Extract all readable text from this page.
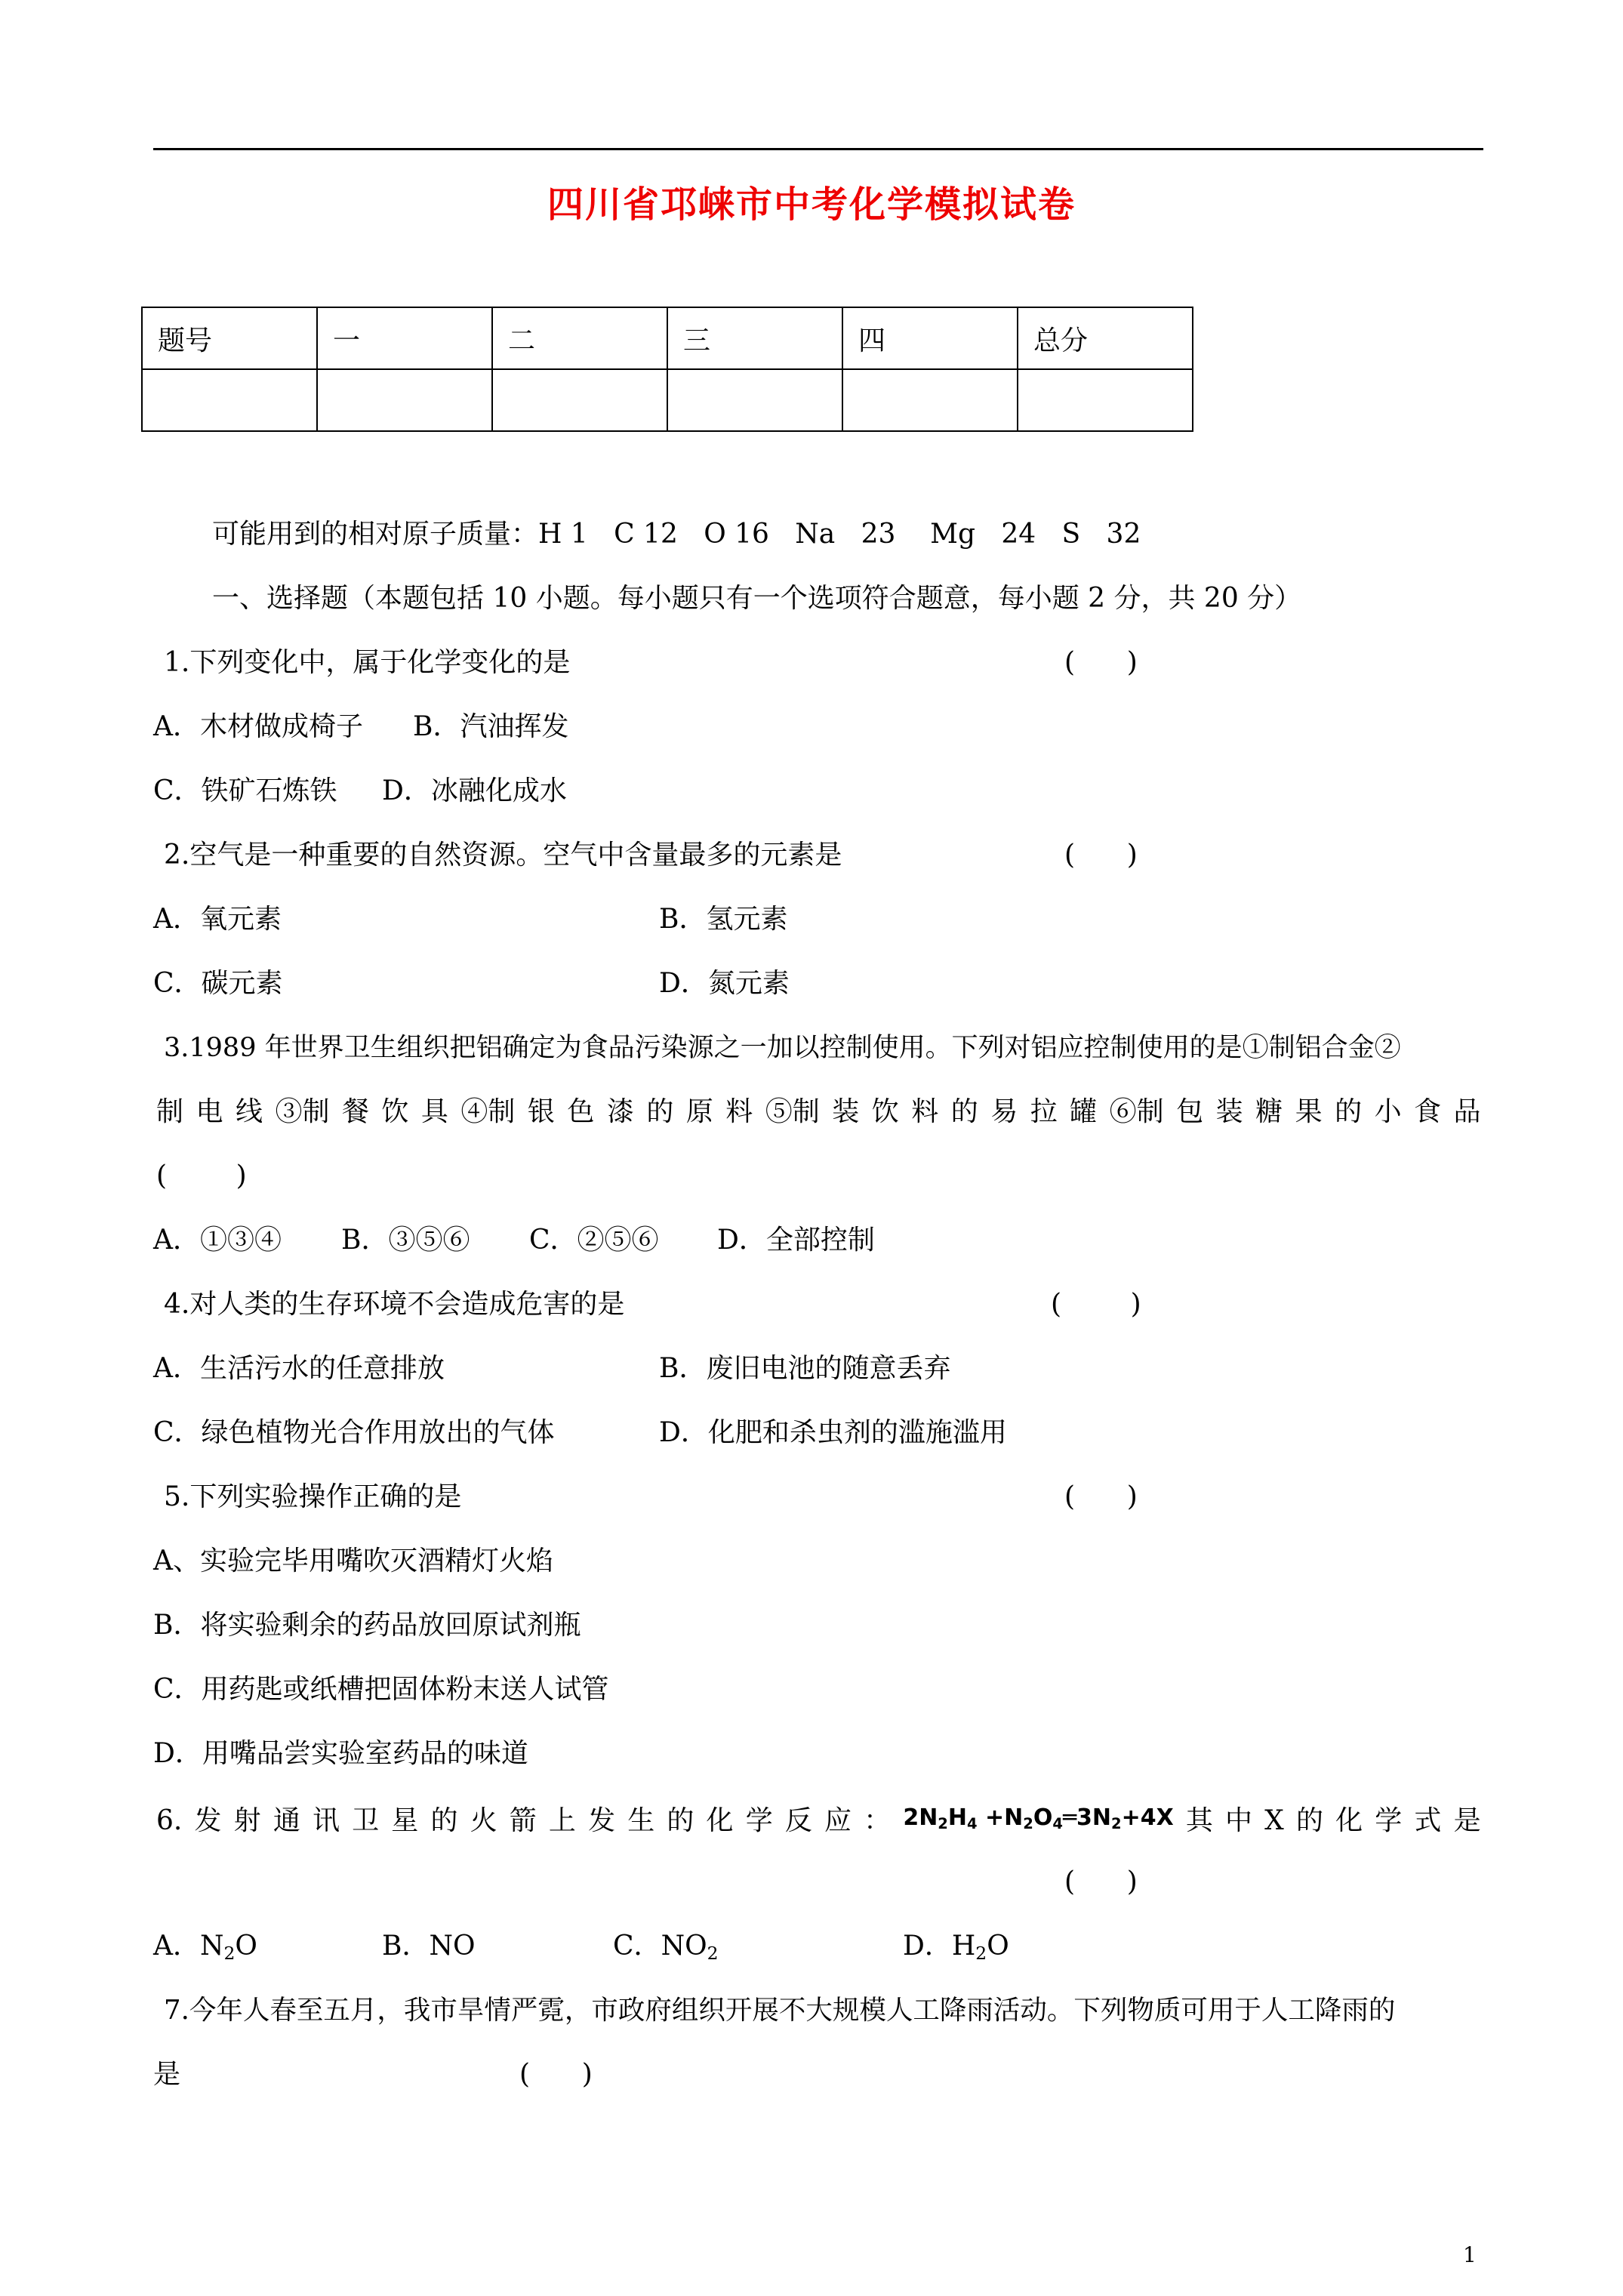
四川省邛崃市中考化学模拟试卷
题号	一	二	三	四	总分

可能用到的相对原子质量：H 1   C 12   O 16   Na   23    Mg   24   S   32
一、选择题（本题包括 10 小题。每小题只有一个选项符合题意，每小题 2 分，共 20 分）
1.下列变化中，属于化学变化的是	(      )
A．木材做成椅子 B．汽油挥发
C．铁矿石炼铁 D．冰融化成水
2.空气是一种重要的自然资源。空气中含量最多的元素是	(      )
A．氧元素	B．氢元素
C．碳元素	D．氮元素
3.1989 年世界卫生组织把铝确定为食品污染源之一加以控制使用。下列对铝应控制使用的是①制铝合金②
制 电 线 ③制 餐 饮 具 ④制 银 色 漆 的 原 料 ⑤制 装 饮 料 的 易 拉 罐 ⑥制 包 装 糖 果 的 小 食 品
(        )
A．①③④ B．③⑤⑥ C．②⑤⑥ D．全部控制
4.对人类的生存环境不会造成危害的是	(        )
A．生活污水的任意排放	B．废旧电池的随意丢弃
C．绿色植物光合作用放出的气体	D．化肥和杀虫剂的滥施滥用
5.下列实验操作正确的是	(      )
A、实验完毕用嘴吹灭酒精灯火焰
B．将实验剩余的药品放回原试剂瓶
C．用药匙或纸槽把固体粉末送人试管
D．用嘴品尝实验室药品的味道
6. 发 射 通 讯 卫 星 的 火 箭 上 发 生 的 化 学 反 应 ： $2N_2H_4$ $+N_2O_4═3N_2+4X$ 其 中 X 的 化 学 式 是
(      )
A．$N_2O$	B．NO	C．$NO_2$	D．$H_2O$
7.今年人春至五月，我市旱情严霓，市政府组织开展不大规模人工降雨活动。下列物质可用于人工降雨的
是	(      )
1
